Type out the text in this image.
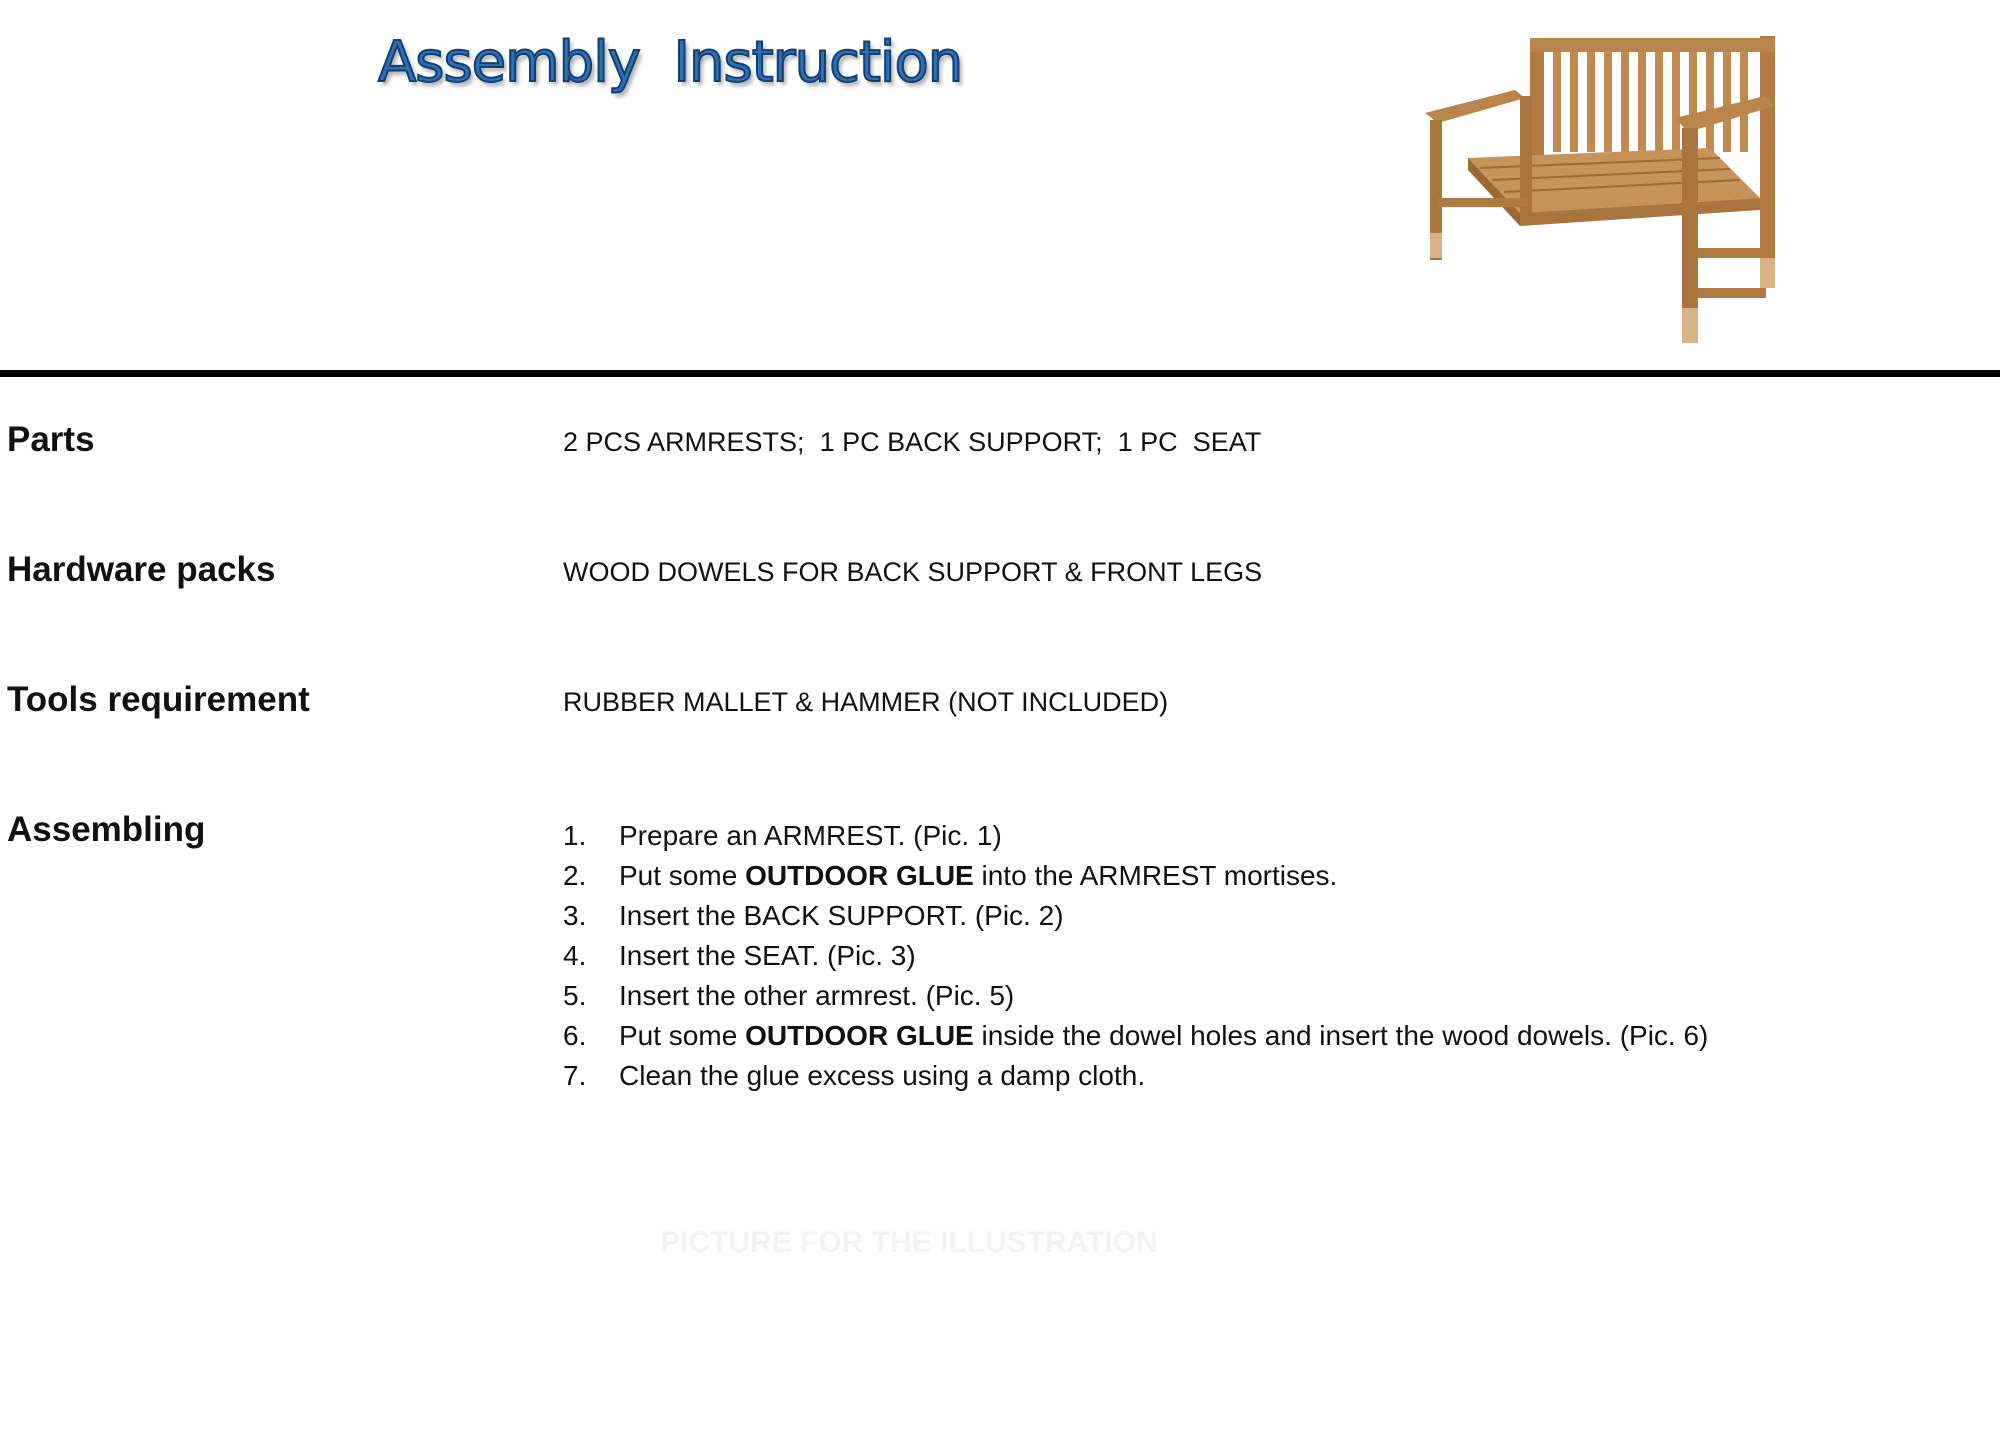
Assembly  Instruction
Parts	2 PCS ARMRESTS;  1 PC BACK SUPPORT;  1 PC  SEAT
Hardware packs	WOOD DOWELS FOR BACK SUPPORT & FRONT LEGS
Tools requirement	RUBBER MALLET & HAMMER (NOT INCLUDED)
Assembling	1.	Prepare an ARMREST. (Pic. 1)
2.	Put some OUTDOOR GLUE into the ARMREST mortises.
3.	Insert the BACK SUPPORT. (Pic. 2)
4.	Insert the SEAT. (Pic. 3)
5.	Insert the other armrest. (Pic. 5)
6.	Put some OUTDOOR GLUE inside the dowel holes and insert the wood dowels. (Pic. 6)
7.	Clean the glue excess using a damp cloth.
PICTURE FOR THE ILLUSTRATION
